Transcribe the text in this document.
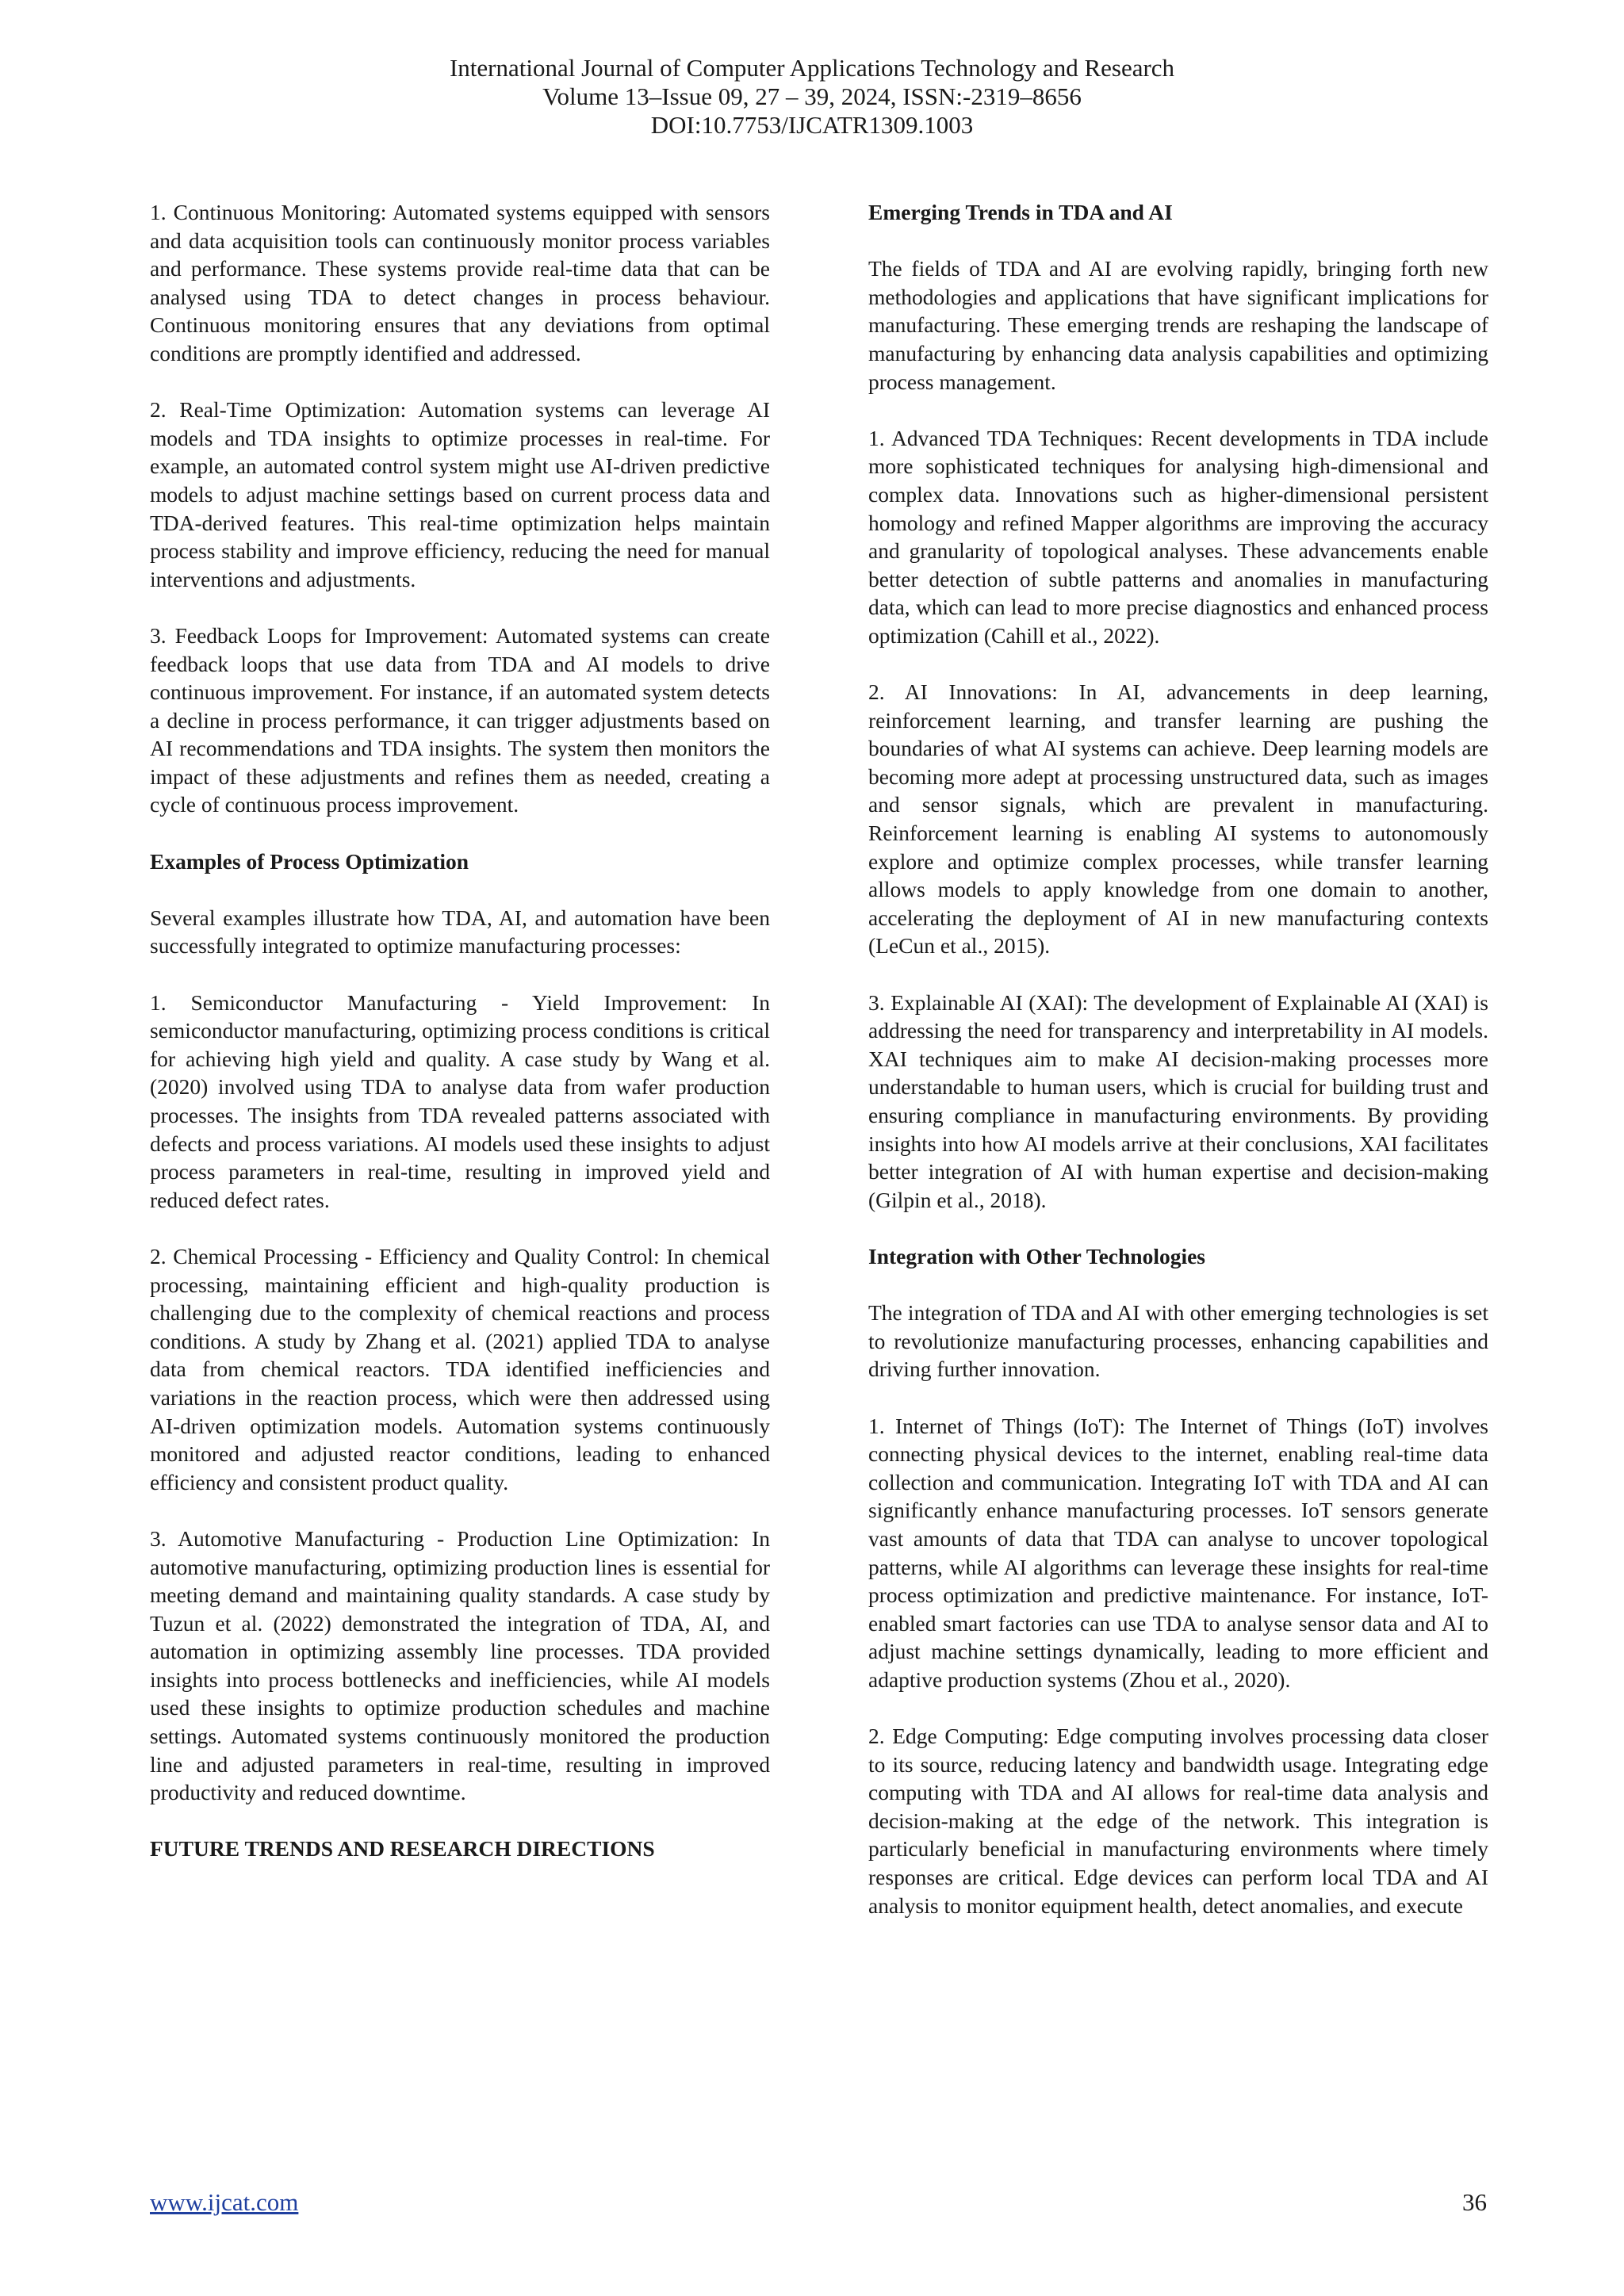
International Journal of Computer Applications Technology and Research
Volume 13–Issue 09, 27 – 39, 2024, ISSN:-2319–8656
DOI:10.7753/IJCATR1309.1003

1. Continuous Monitoring: Automated systems equipped with sensors and data acquisition tools can continuously monitor process variables and performance. These systems provide real-time data that can be analysed using TDA to detect changes in process behaviour. Continuous monitoring ensures that any deviations from optimal conditions are promptly identified and addressed.

2. Real-Time Optimization: Automation systems can leverage AI models and TDA insights to optimize processes in real-time. For example, an automated control system might use AI-driven predictive models to adjust machine settings based on current process data and TDA-derived features. This real-time optimization helps maintain process stability and improve efficiency, reducing the need for manual interventions and adjustments.

3. Feedback Loops for Improvement: Automated systems can create feedback loops that use data from TDA and AI models to drive continuous improvement. For instance, if an automated system detects a decline in process performance, it can trigger adjustments based on AI recommendations and TDA insights. The system then monitors the impact of these adjustments and refines them as needed, creating a cycle of continuous process improvement.

Examples of Process Optimization

Several examples illustrate how TDA, AI, and automation have been successfully integrated to optimize manufacturing processes:

1. Semiconductor Manufacturing - Yield Improvement: In semiconductor manufacturing, optimizing process conditions is critical for achieving high yield and quality. A case study by Wang et al. (2020) involved using TDA to analyse data from wafer production processes. The insights from TDA revealed patterns associated with defects and process variations. AI models used these insights to adjust process parameters in real-time, resulting in improved yield and reduced defect rates.

2. Chemical Processing - Efficiency and Quality Control: In chemical processing, maintaining efficient and high-quality production is challenging due to the complexity of chemical reactions and process conditions. A study by Zhang et al. (2021) applied TDA to analyse data from chemical reactors. TDA identified inefficiencies and variations in the reaction process, which were then addressed using AI-driven optimization models. Automation systems continuously monitored and adjusted reactor conditions, leading to enhanced efficiency and consistent product quality.

3. Automotive Manufacturing - Production Line Optimization: In automotive manufacturing, optimizing production lines is essential for meeting demand and maintaining quality standards. A case study by Tuzun et al. (2022) demonstrated the integration of TDA, AI, and automation in optimizing assembly line processes. TDA provided insights into process bottlenecks and inefficiencies, while AI models used these insights to optimize production schedules and machine settings. Automated systems continuously monitored the production line and adjusted parameters in real-time, resulting in improved productivity and reduced downtime.

FUTURE TRENDS AND RESEARCH DIRECTIONS
Emerging Trends in TDA and AI

The fields of TDA and AI are evolving rapidly, bringing forth new methodologies and applications that have significant implications for manufacturing. These emerging trends are reshaping the landscape of manufacturing by enhancing data analysis capabilities and optimizing process management.

1. Advanced TDA Techniques: Recent developments in TDA include more sophisticated techniques for analysing high-dimensional and complex data. Innovations such as higher-dimensional persistent homology and refined Mapper algorithms are improving the accuracy and granularity of topological analyses. These advancements enable better detection of subtle patterns and anomalies in manufacturing data, which can lead to more precise diagnostics and enhanced process optimization (Cahill et al., 2022).

2. AI Innovations: In AI, advancements in deep learning, reinforcement learning, and transfer learning are pushing the boundaries of what AI systems can achieve. Deep learning models are becoming more adept at processing unstructured data, such as images and sensor signals, which are prevalent in manufacturing. Reinforcement learning is enabling AI systems to autonomously explore and optimize complex processes, while transfer learning allows models to apply knowledge from one domain to another, accelerating the deployment of AI in new manufacturing contexts (LeCun et al., 2015).

3. Explainable AI (XAI): The development of Explainable AI (XAI) is addressing the need for transparency and interpretability in AI models. XAI techniques aim to make AI decision-making processes more understandable to human users, which is crucial for building trust and ensuring compliance in manufacturing environments. By providing insights into how AI models arrive at their conclusions, XAI facilitates better integration of AI with human expertise and decision-making (Gilpin et al., 2018).

Integration with Other Technologies

The integration of TDA and AI with other emerging technologies is set to revolutionize manufacturing processes, enhancing capabilities and driving further innovation.

1. Internet of Things (IoT): The Internet of Things (IoT) involves connecting physical devices to the internet, enabling real-time data collection and communication. Integrating IoT with TDA and AI can significantly enhance manufacturing processes. IoT sensors generate vast amounts of data that TDA can analyse to uncover topological patterns, while AI algorithms can leverage these insights for real-time process optimization and predictive maintenance. For instance, IoT-enabled smart factories can use TDA to analyse sensor data and AI to adjust machine settings dynamically, leading to more efficient and adaptive production systems (Zhou et al., 2020).

2. Edge Computing: Edge computing involves processing data closer to its source, reducing latency and bandwidth usage. Integrating edge computing with TDA and AI allows for real-time data analysis and decision-making at the edge of the network. This integration is particularly beneficial in manufacturing environments where timely responses are critical. Edge devices can perform local TDA and AI analysis to monitor equipment health, detect anomalies, and execute

www.ijcat.com	36
